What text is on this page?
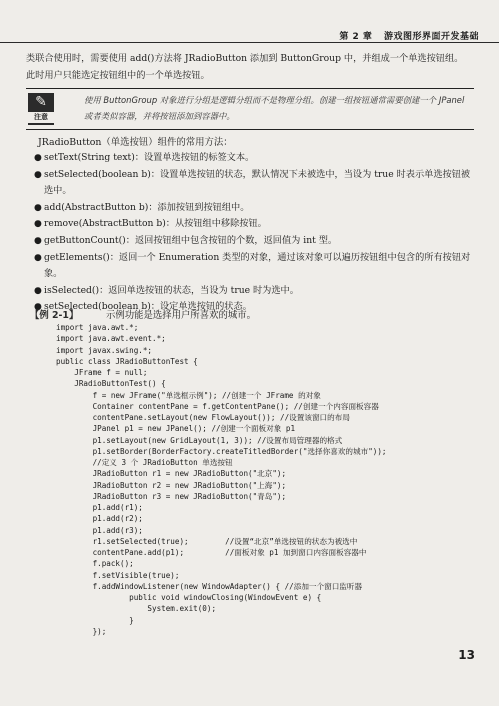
第 2 章 游戏图形界面开发基础
类联合使用时，需要使用 add()方法将 JRadioButton 添加到 ButtonGroup 中，并组成一个单选按钮组。此时用户只能选定按钮组中的一个单选按钮。
✎
注意
使用 ButtonGroup 对象进行分组是逻辑分组而不是物理分组。创建一组按钮通常需要创建一个 JPanel 或者类似容器，并将按钮添加到容器中。
JRadioButton（单选按钮）组件的常用方法：
● setText(String text)：设置单选按钮的标签文本。
● setSelected(boolean b)：设置单选按钮的状态，默认情况下未被选中，当设为 true 时表示单选按钮被选中。
● add(AbstractButton b)：添加按钮到按钮组中。
● remove(AbstractButton b)：从按钮组中移除按钮。
● getButtonCount()：返回按钮组中包含按钮的个数，返回值为 int 型。
● getElements()：返回一个 Enumeration 类型的对象，通过该对象可以遍历按钮组中包含的所有按钮对象。
● isSelected()：返回单选按钮的状态，当设为 true 时为选中。
● setSelected(boolean b)：设定单选按钮的状态。
【例 2-1】	示例功能是选择用户所喜欢的城市。
import java.awt.*;
import java.awt.event.*;
import javax.swing.*;
public class JRadioButtonTest {
JFrame f = null;
JRadioButtonTest() {
f = new JFrame("单选框示例"); //创建一个 JFrame 的对象
Container contentPane = f.getContentPane(); //创建一个内容面板容器
contentPane.setLayout(new FlowLayout()); //设置该窗口的布局
JPanel p1 = new JPanel(); //创建一个面板对象 p1
p1.setLayout(new GridLayout(1, 3)); //设置布局管理器的格式
p1.setBorder(BorderFactory.createTitledBorder("选择你喜欢的城市"));
//定义 3 个 JRadioButton 单选按钮
JRadioButton r1 = new JRadioButton("北京");
JRadioButton r2 = new JRadioButton("上海");
JRadioButton r3 = new JRadioButton("青岛");
p1.add(r1);
p1.add(r2);
p1.add(r3);
r1.setSelected(true);        //设置“北京”单选按钮的状态为被选中
contentPane.add(p1);         //面板对象 p1 加到窗口内容面板容器中
f.pack();
f.setVisible(true);
f.addWindowListener(new WindowAdapter() { //添加一个窗口监听器
public void windowClosing(WindowEvent e) {
System.exit(0);
}
});
13
